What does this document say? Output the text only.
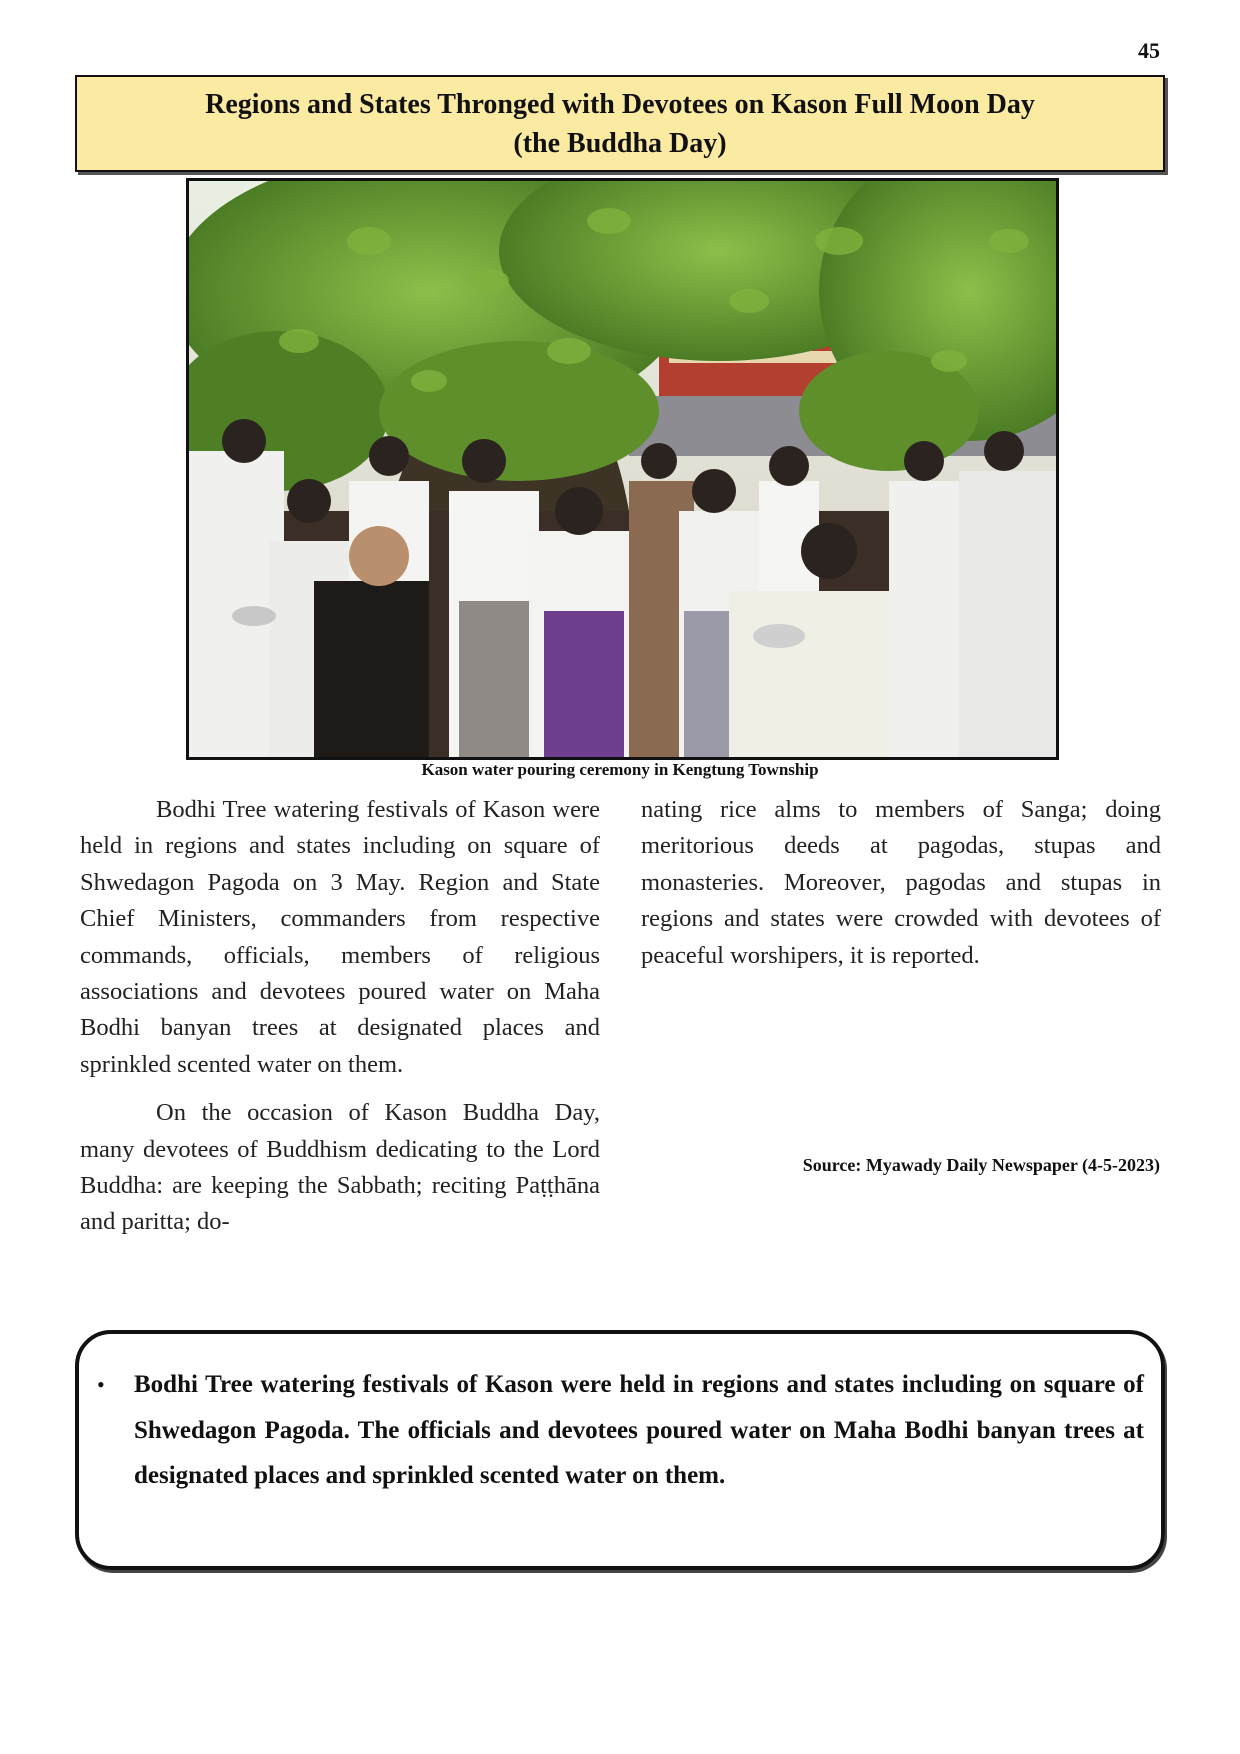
45
Regions and States Thronged with Devotees on Kason Full Moon Day
(the Buddha Day)
Kason water pouring ceremony in Kengtung Township

Bodhi Tree watering festivals of Kason were held in regions and states including on square of Shwedagon Pagoda on 3 May. Region and State Chief Ministers, commanders from respective commands, officials, members of religious associations and devotees poured water on Maha Bodhi banyan trees at designated places and sprinkled scented water on them.

On the occasion of Kason Buddha Day, many devotees of Buddhism dedicating to the Lord Buddha: are keeping the Sabbath; reciting Paṭṭhāna and paritta; do-

nating rice alms to members of Sanga; doing meritorious deeds at pagodas, stupas and monasteries. Moreover, pagodas and stupas in regions and states were crowded with devotees of peaceful worshipers, it is reported.

Source: Myawady Daily Newspaper (4-5-2023)
• Bodhi Tree watering festivals of Kason were held in regions and states including on square of Shwedagon Pagoda. The officials and devotees poured water on Maha Bodhi banyan trees at designated places and sprinkled scented water on them.
